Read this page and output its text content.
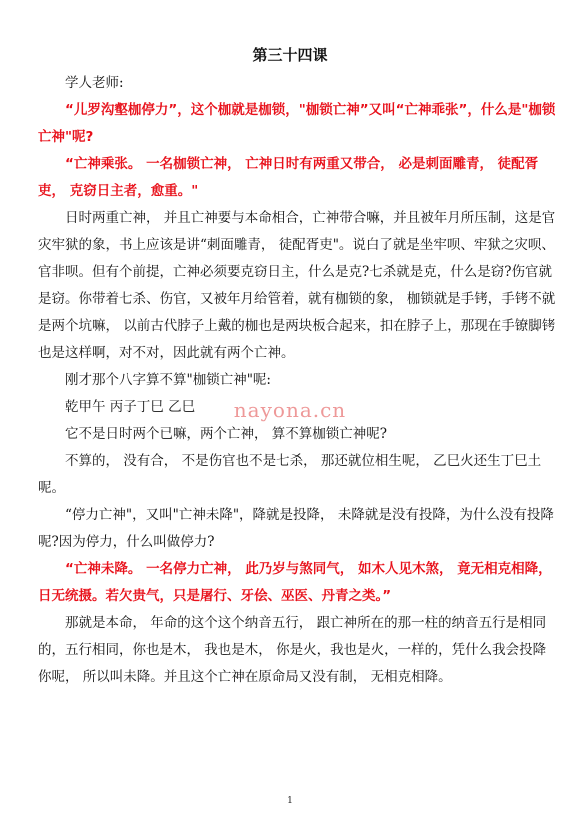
第三十四课

学人老师:

“儿罗沟壑枷停力”，这个枷就是枷锁，"枷锁亡神”又叫“亡神乖张”，什么是"枷锁亡神"呢?

“亡神乘张。 一名枷锁亡神， 亡神日时有两重又带合， 必是刺面雕青， 徒配胥吏， 克窃日主者，愈重。"

日时两重亡神， 并且亡神要与本命相合，亡神带合嘛，并且被年月所压制，这是官灾牢狱的象，书上应该是讲“刺面雕青， 徒配胥吏"。说白了就是坐牢呗、牢狱之灾呗、官非呗。但有个前提，亡神必须要克窃日主，什么是克?七杀就是克，什么是窃?伤官就是窃。你带着七杀、伤官，又被年月给管着，就有枷锁的象， 枷锁就是手铐，手铐不就是两个坑嘛， 以前古代脖子上戴的枷也是两块板合起来，扣在脖子上，那现在手镣脚铐也是这样啊，对不对，因此就有两个亡神。

刚才那个八字算不算"枷锁亡神"呢:

乾甲午 丙子丁巳 乙巳

它不是日时两个已嘛，两个亡神， 算不算枷锁亡神呢?

不算的， 没有合， 不是伤官也不是七杀， 那还就位相生呢， 乙巳火还生丁巳土呢。

“停力亡神"，又叫"亡神未降"，降就是投降， 未降就是没有投降，为什么没有投降呢?因为停力，什么叫做停力?

“亡神未降。 一名停力亡神， 此乃岁与煞同气， 如木人见木煞， 竟无相克相降，日无统摄。若欠贵气，只是屠行、牙侩、巫医、丹青之类。”

那就是本命， 年命的这个这个纳音五行， 跟亡神所在的那一柱的纳音五行是相同的，五行相同，你也是木， 我也是木， 你是火，我也是火，一样的，凭什么我会投降你呢， 所以叫未降。并且这个亡神在原命局又没有制， 无相克相降。

nayona.cn
1
